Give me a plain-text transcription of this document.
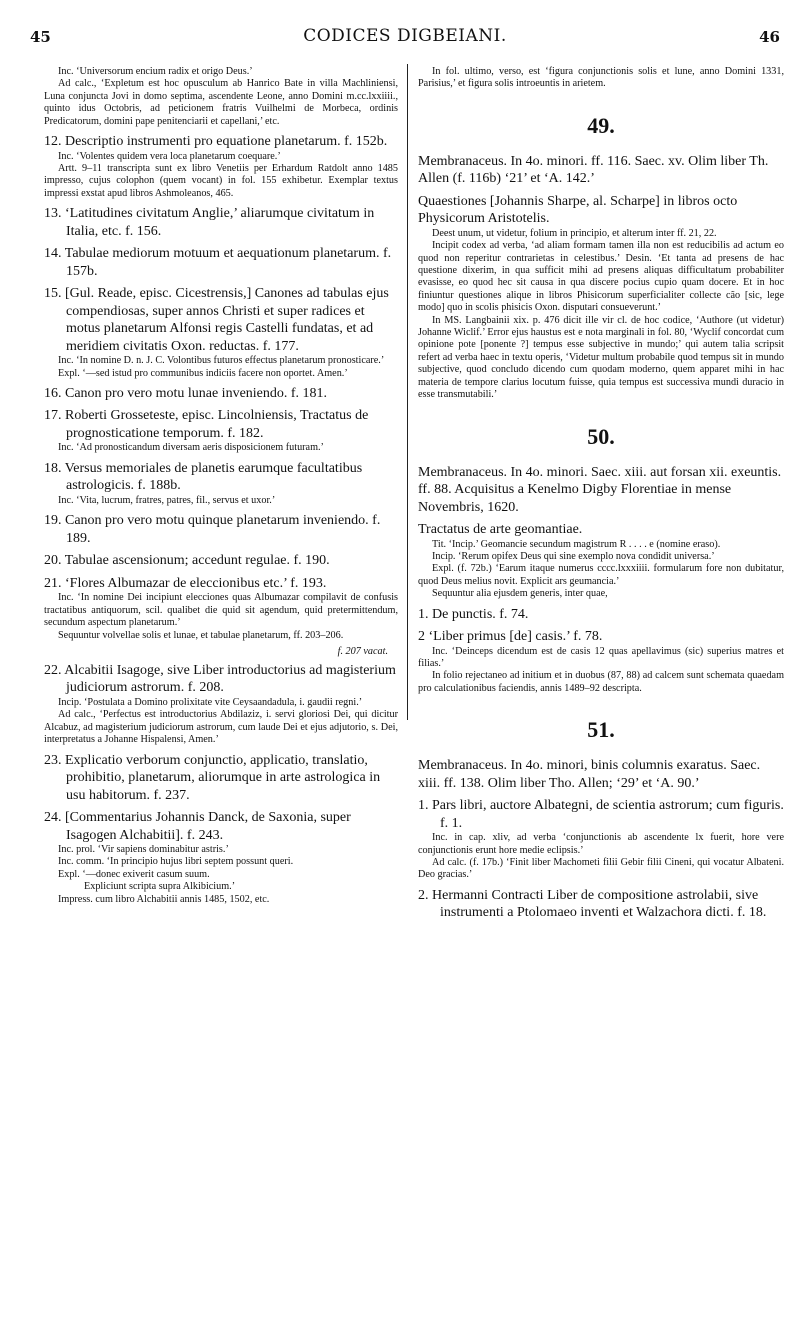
45	CODICES DIGBEIANI.	46

Inc. ‘Universorum encium radix et origo Deus.’

Ad calc., ‘Expletum est hoc opusculum ab Hanrico Bate in villa Machliniensi, Luna conjuncta Jovi in domo septima, ascendente Leone, anno Domini m.cc.lxxiiii., quinto idus Octobris, ad peticionem fratris Vuilhelmi de Morbeca, ordinis Predicatorum, domini pape penitenciarii et capellani,’ etc.

12. Descriptio instrumenti pro equatione planetarum. f. 152b.

Inc. ‘Volentes quidem vera loca planetarum coequare.’

Artt. 9–11 transcripta sunt ex libro Venetiis per Erhardum Ratdolt anno 1485 impresso, cujus colophon (quem vocant) in fol. 155 exhibetur. Exemplar textus impressi exstat apud libros Ashmoleanos, 465.

13. ‘Latitudines civitatum Anglie,’ aliarumque civitatum in Italia, etc. f. 156.

14. Tabulae mediorum motuum et aequationum planetarum. f. 157b.

15. [Gul. Reade, episc. Cicestrensis,] Canones ad tabulas ejus compendiosas, super annos Christi et super radices et motus planetarum Alfonsi regis Castelli fundatas, et ad meridiem civitatis Oxon. reductas. f. 177.

Inc. ‘In nomine D. n. J. C. Volontibus futuros effectus planetarum pronosticare.’

Expl. ‘—sed istud pro communibus indiciis facere non oportet. Amen.’

16. Canon pro vero motu lunae inveniendo. f. 181.

17. Roberti Grosseteste, episc. Lincolniensis, Tractatus de prognosticatione temporum. f. 182.

Inc. ‘Ad pronosticandum diversam aeris disposicionem futuram.’

18. Versus memoriales de planetis earumque facultatibus astrologicis. f. 188b.

Inc. ‘Vita, lucrum, fratres, patres, fil., servus et uxor.’

19. Canon pro vero motu quinque planetarum inveniendo. f. 189.

20. Tabulae ascensionum; accedunt regulae. f. 190.

21. ‘Flores Albumazar de eleccionibus etc.’ f. 193.

Inc. ‘In nomine Dei incipiunt elecciones quas Albumazar compilavit de confusis tractatibus antiquorum, scil. qualibet die quid sit agendum, quid pretermittendum, secundum aspectum planetarum.’

Sequuntur volvellae solis et lunae, et tabulae planetarum, ff. 203–206.

f. 207 vacat.

22. Alcabitii Isagoge, sive Liber introductorius ad magisterium judiciorum astrorum. f. 208.

Incip. ‘Postulata a Domino prolixitate vite Ceysaandadula, i. gaudii regni.’

Ad calc., ‘Perfectus est introductorius Abdilaziz, i. servi gloriosi Dei, qui dicitur Alcabuz, ad magisterium judiciorum astrorum, cum laude Dei et ejus adjutorio, s. Dei, interpretatus a Johanne Hispalensi, Amen.’

23. Explicatio verborum conjunctio, applicatio, translatio, prohibitio, planetarum, aliorumque in arte astrologica in usu habitorum. f. 237.

24. [Commentarius Johannis Danck, de Saxonia, super Isagogen Alchabitii]. f. 243.

Inc. prol. ‘Vir sapiens dominabitur astris.’

Inc. comm. ‘In principio hujus libri septem possunt queri.

Expl. ‘—donec exiverit casum suum.

Expliciunt scripta supra Alkibicium.’

Impress. cum libro Alchabitii annis 1485, 1502, etc.

In fol. ultimo, verso, est ‘figura conjunctionis solis et lune, anno Domini 1331, Parisius,’ et figura solis introeuntis in arietem.

49.

Membranaceus. In 4o. minori. ff. 116. Saec. xv. Olim liber Th. Allen (f. 116b) ‘21’ et ‘A. 142.’

Quaestiones [Johannis Sharpe, al. Scharpe] in libros octo Physicorum Aristotelis.

Deest unum, ut videtur, folium in principio, et alterum inter ff. 21, 22.

Incipit codex ad verba, ‘ad aliam formam tamen illa non est reducibilis ad actum eo quod non reperitur contrarietas in celestibus.’ Desin. ‘Et tanta ad presens de hac questione dixerim, in qua sufficit mihi ad presens aliquas difficultatum probabiliter evasisse, eo quod hec sit causa in qua discere pocius cupio quam docere. Et in hoc finiuntur questiones alique in libros Phisicorum superficialiter collecte cão [sic, lege modo] quo in scolis phisicis Oxon. disputari consueverunt.’

In MS. Langbainii xix. p. 476 dicit ille vir cl. de hoc codice, ‘Authore (ut videtur) Johanne Wiclif.’ Error ejus haustus est e nota marginali in fol. 80, ‘Wyclif concordat cum opinione pote [ponente ?] tempus esse subjective in mundo;’ qui autem talia scripsit refert ad verba haec in textu operis, ‘Videtur multum probabile quod tempus sit in mundo subjective, quod concludo dicendo cum quodam moderno, quem apparet mihi in hac materia de tempore clarius locutum fuisse, quia tempus est successiva mundi duracio in esse transmutabili.’

50.

Membranaceus. In 4o. minori. Saec. xiii. aut forsan xii. exeuntis. ff. 88. Acquisitus a Kenelmo Digby Florentiae in mense Novembris, 1620.

Tractatus de arte geomantiae.

Tit. ‘Incip.’ Geomancie secundum magistrum R . . . . e (nomine eraso).

Incip. ‘Rerum opifex Deus qui sine exemplo nova condidit universa.’

Expl. (f. 72b.) ‘Earum itaque numerus cccc.lxxxiiii. formularum fore non dubitatur, quod Deus melius novit. Explicit ars geumancia.’

Sequuntur alia ejusdem generis, inter quae,

1. De punctis. f. 74.

2 ‘Liber primus [de] casis.’ f. 78.

Inc. ‘Deinceps dicendum est de casis 12 quas apellavimus (sic) superius matres et filias.’

In folio rejectaneo ad initium et in duobus (87, 88) ad calcem sunt schemata quaedam pro calculationibus faciendis, annis 1489–92 descripta.

51.

Membranaceus. In 4o. minori, binis columnis exaratus. Saec. xiii. ff. 138. Olim liber Tho. Allen; ‘29’ et ‘A. 90.’

1. Pars libri, auctore Albategni, de scientia astrorum; cum figuris. f. 1.

Inc. in cap. xliv, ad verba ‘conjunctionis ab ascendente lx fuerit, hore vere conjunctionis erunt hore medie eclipsis.’

Ad calc. (f. 17b.) ‘Finit liber Machometi filii Gebir filii Cineni, qui vocatur Albateni. Deo gracias.’

2. Hermanni Contracti Liber de compositione astrolabii, sive instrumenti a Ptolomaeo inventi et Walzachora dicti. f. 18.
